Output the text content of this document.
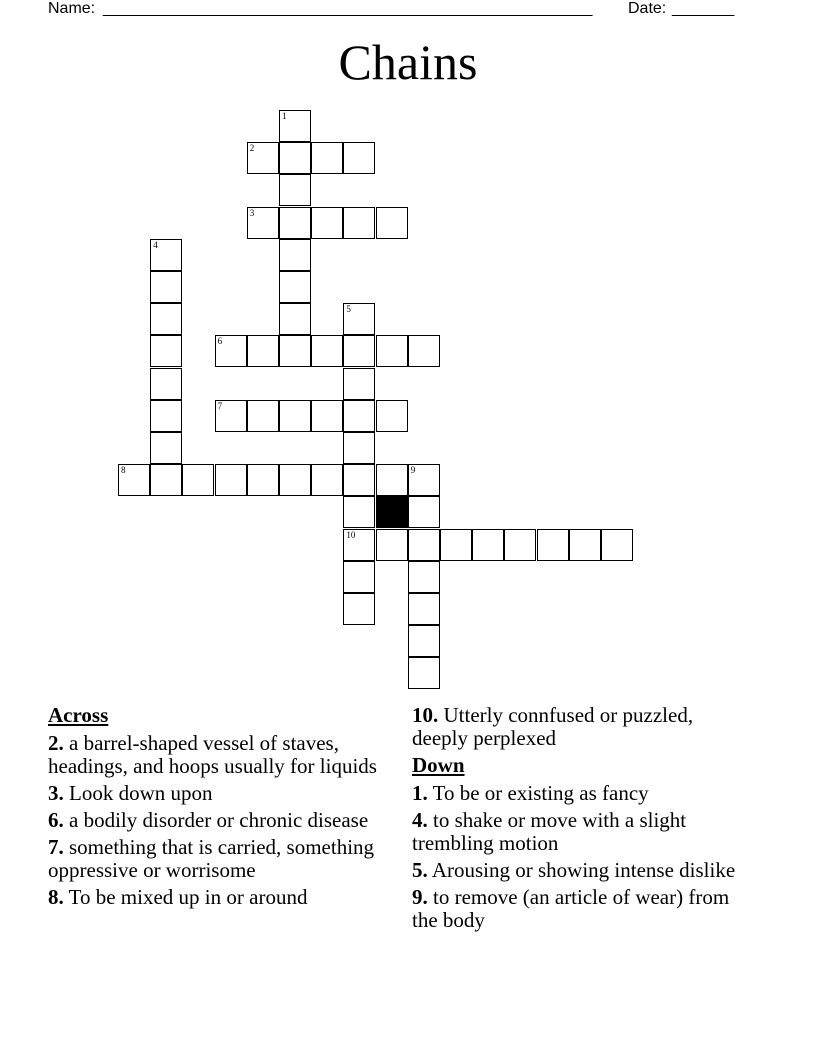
Name: _______________________________________________________ Date: _______
Chains
1
2
3
4
5
10
6
7
8	9
Across
2. a barrel-shaped vessel of staves, headings, and hoops usually for liquids
3. Look down upon
6. a bodily disorder or chronic disease
7. something that is carried, something oppressive or worrisome
8. To be mixed up in or around
10. Utterly connfused or puzzled, deeply perplexed
Down
1. To be or existing as fancy
4. to shake or move with a slight trembling motion
5. Arousing or showing intense dislike
9. to remove (an article of wear) from the body
